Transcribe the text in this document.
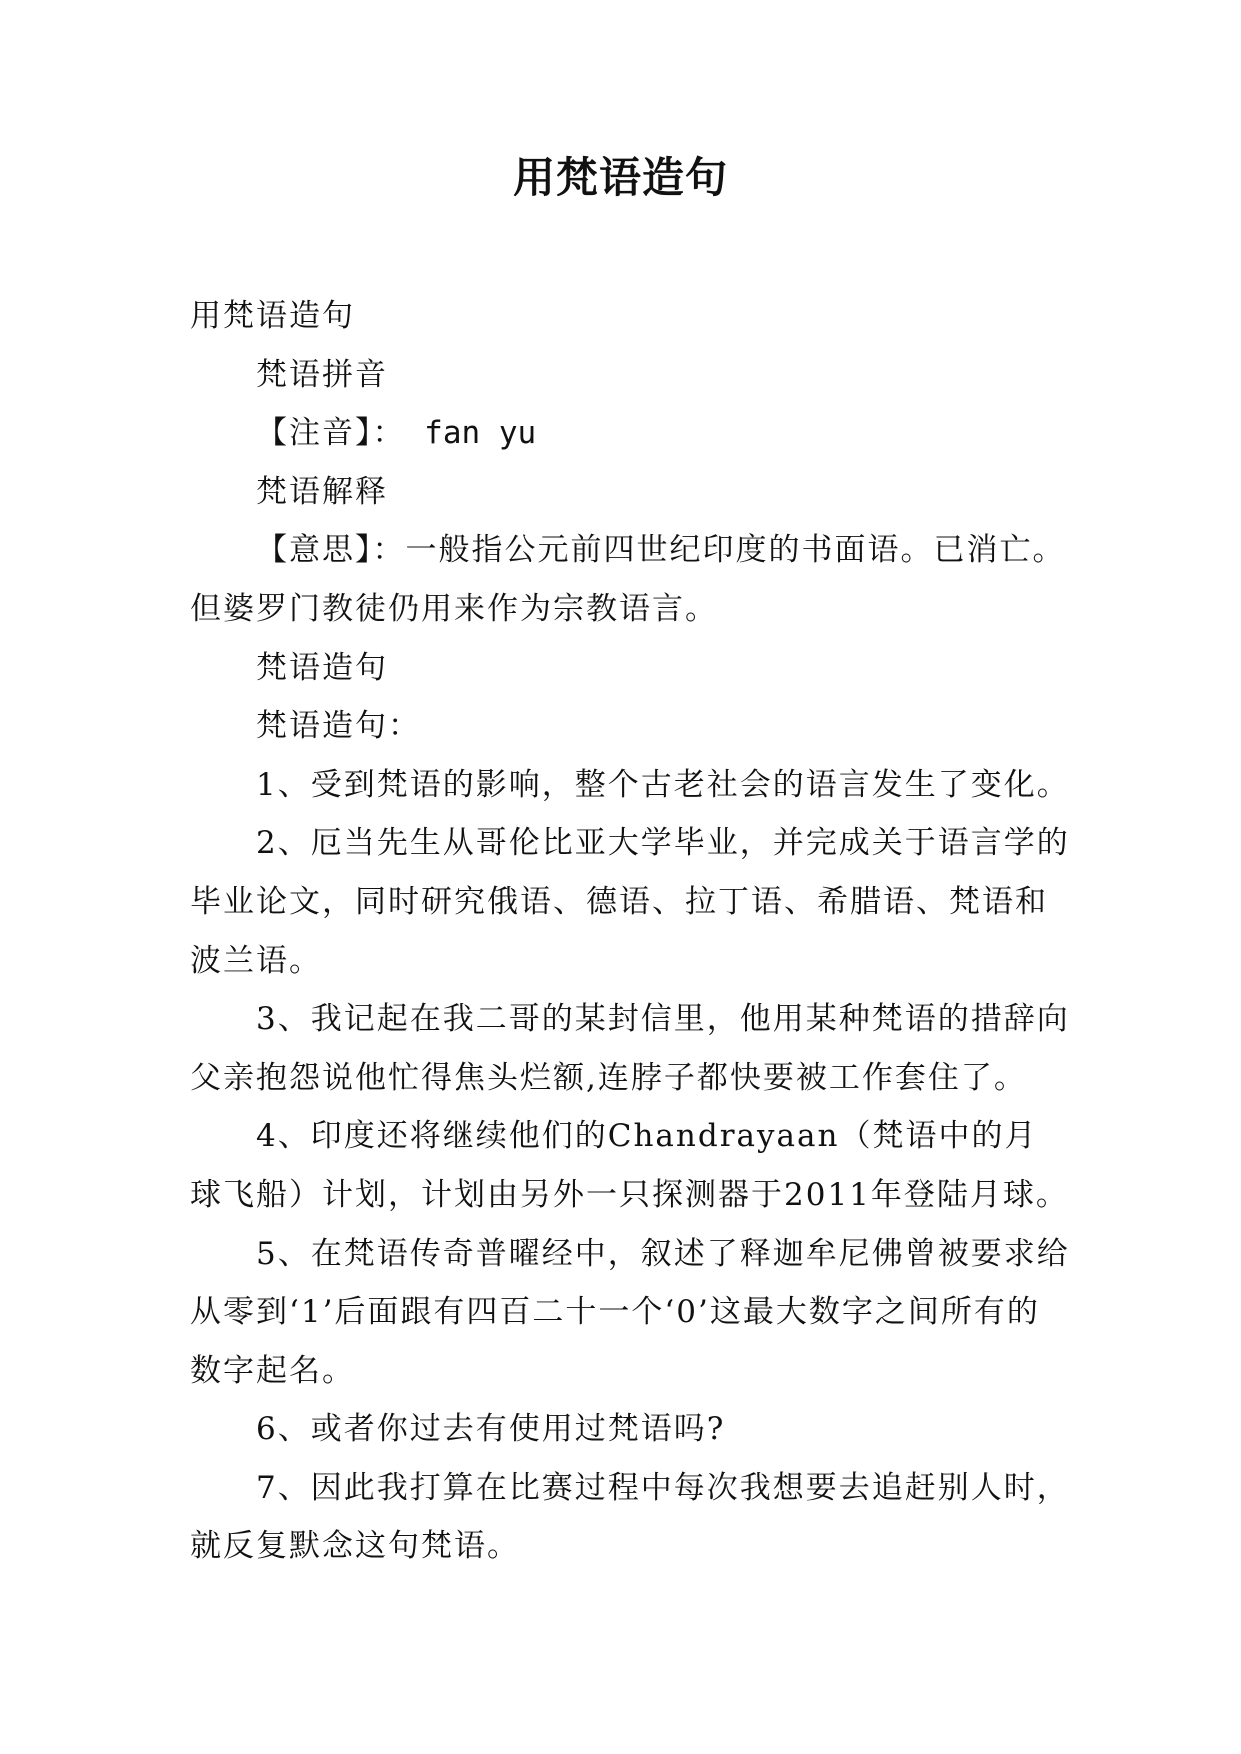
用梵语造句

用梵语造句

梵语拼音

【注音】： fan yu

梵语解释

【意思】：一般指公元前四世纪印度的书面语。已消亡。但婆罗门教徒仍用来作为宗教语言。

梵语造句

梵语造句：

1、受到梵语的影响，整个古老社会的语言发生了变化。

2、厄当先生从哥伦比亚大学毕业，并完成关于语言学的毕业论文，同时研究俄语、德语、拉丁语、希腊语、梵语和波兰语。

3、我记起在我二哥的某封信里，他用某种梵语的措辞向父亲抱怨说他忙得焦头烂额,连脖子都快要被工作套住了。

4、印度还将继续他们的Chandrayaan（梵语中的月球飞船）计划，计划由另外一只探测器于2011年登陆月球。

5、在梵语传奇普曜经中，叙述了释迦牟尼佛曾被要求给从零到‘1’后面跟有四百二十一个‘0’这最大数字之间所有的数字起名。

6、或者你过去有使用过梵语吗?

7、因此我打算在比赛过程中每次我想要去追赶别人时，就反复默念这句梵语。
